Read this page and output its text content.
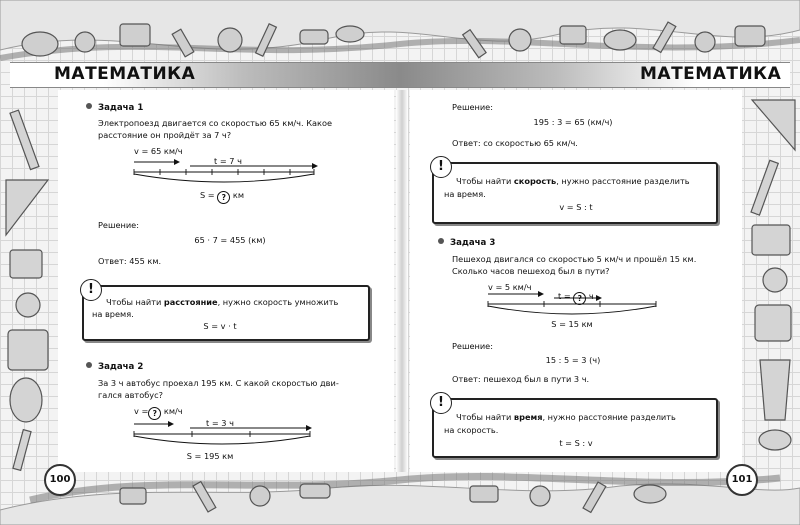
МАТЕМАТИКА	МАТЕМАТИКА
Задача 1
Электропоезд двигается со скоростью 65 км/ч. Какое
расстояние он пройдёт за 7 ч?
v = 65 км/ч
t = 7 ч
S = ? км
Решение:
65 · 7 = 455 (км)
Ответ: 455 км.
!
Чтобы найти расстояние, нужно скорость умножить
на время.
S = v · t
Задача 2
За 3 ч автобус проехал 195 км. С какой скоростью дви-
гался автобус?
v = ? км/ч
t = 3 ч
S = 195 км
Решение:
195 : 3 = 65 (км/ч)
Ответ: со скоростью 65 км/ч.
!
Чтобы найти скорость, нужно расстояние разделить
на время.
v = S : t
Задача 3
Пешеход двигался со скоростью 5 км/ч и прошёл 15 км.
Сколько часов пешеход был в пути?
v = 5 км/ч
t = ? ч
S = 15 км
Решение:
15 : 5 = 3 (ч)
Ответ: пешеход был в пути 3 ч.
!
Чтобы найти время, нужно расстояние разделить
на скорость.
t = S : v
100	101
